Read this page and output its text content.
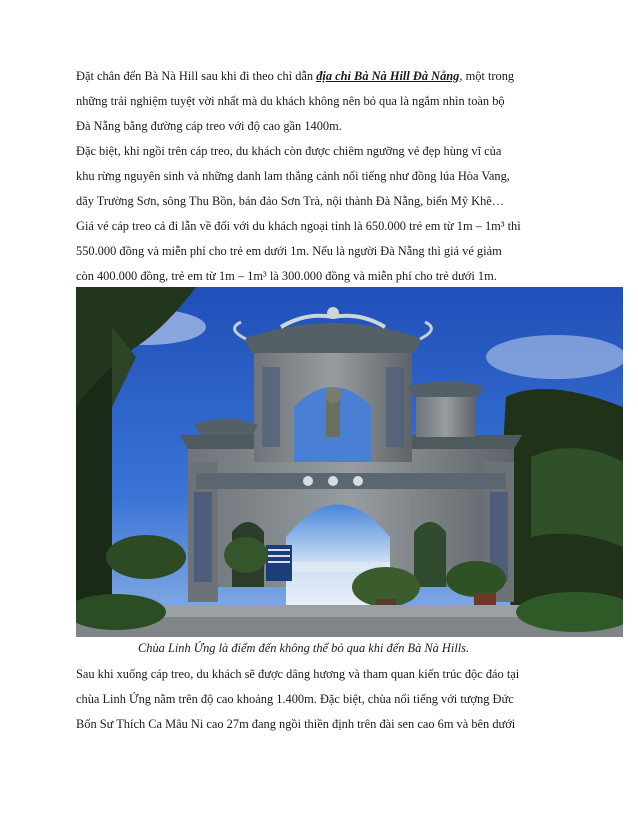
Đặt chân đến Bà Nà Hill sau khi đi theo chỉ dẫn địa chỉ Bà Nà Hill Đà Nẵng, một trong
những trải nghiệm tuyệt vời nhất mà du khách không nên bỏ qua là ngắm nhìn toàn bộ
Đà Nẵng bằng đường cáp treo với độ cao gần 1400m.

Đặc biệt, khi ngồi trên cáp treo, du khách còn được chiêm ngưỡng vẻ đẹp hùng vĩ của
khu rừng nguyên sinh và những danh lam thắng cảnh nổi tiếng như đồng lúa Hòa Vang,
dãy Trường Sơn, sông Thu Bồn, bán đảo Sơn Trà, nội thành Đà Nẵng, biển Mỹ Khê…

Giá vé cáp treo cả đi lẫn về đối với du khách ngoại tỉnh là 650.000 trẻ em từ 1m – 1m³ thì
550.000 đồng và miễn phí cho trẻ em dưới 1m. Nếu là người Đà Nẵng thì giá vé giảm
còn 400.000 đồng, trẻ em từ 1m – 1m³ là 300.000 đồng và miễn phí cho trẻ dưới 1m.

Chùa Linh Ứng là điểm đến không thể bỏ qua khi đến Bà Nà Hills.

Sau khi xuống cáp treo, du khách sẽ được dâng hương và tham quan kiến trúc độc đáo tại
chùa Linh Ứng nằm trên độ cao khoảng 1.400m. Đặc biệt, chùa nổi tiếng với tượng Đức
Bổn Sư Thích Ca Mâu Ni cao 27m đang ngồi thiền định trên đài sen cao 6m và bên dưới
